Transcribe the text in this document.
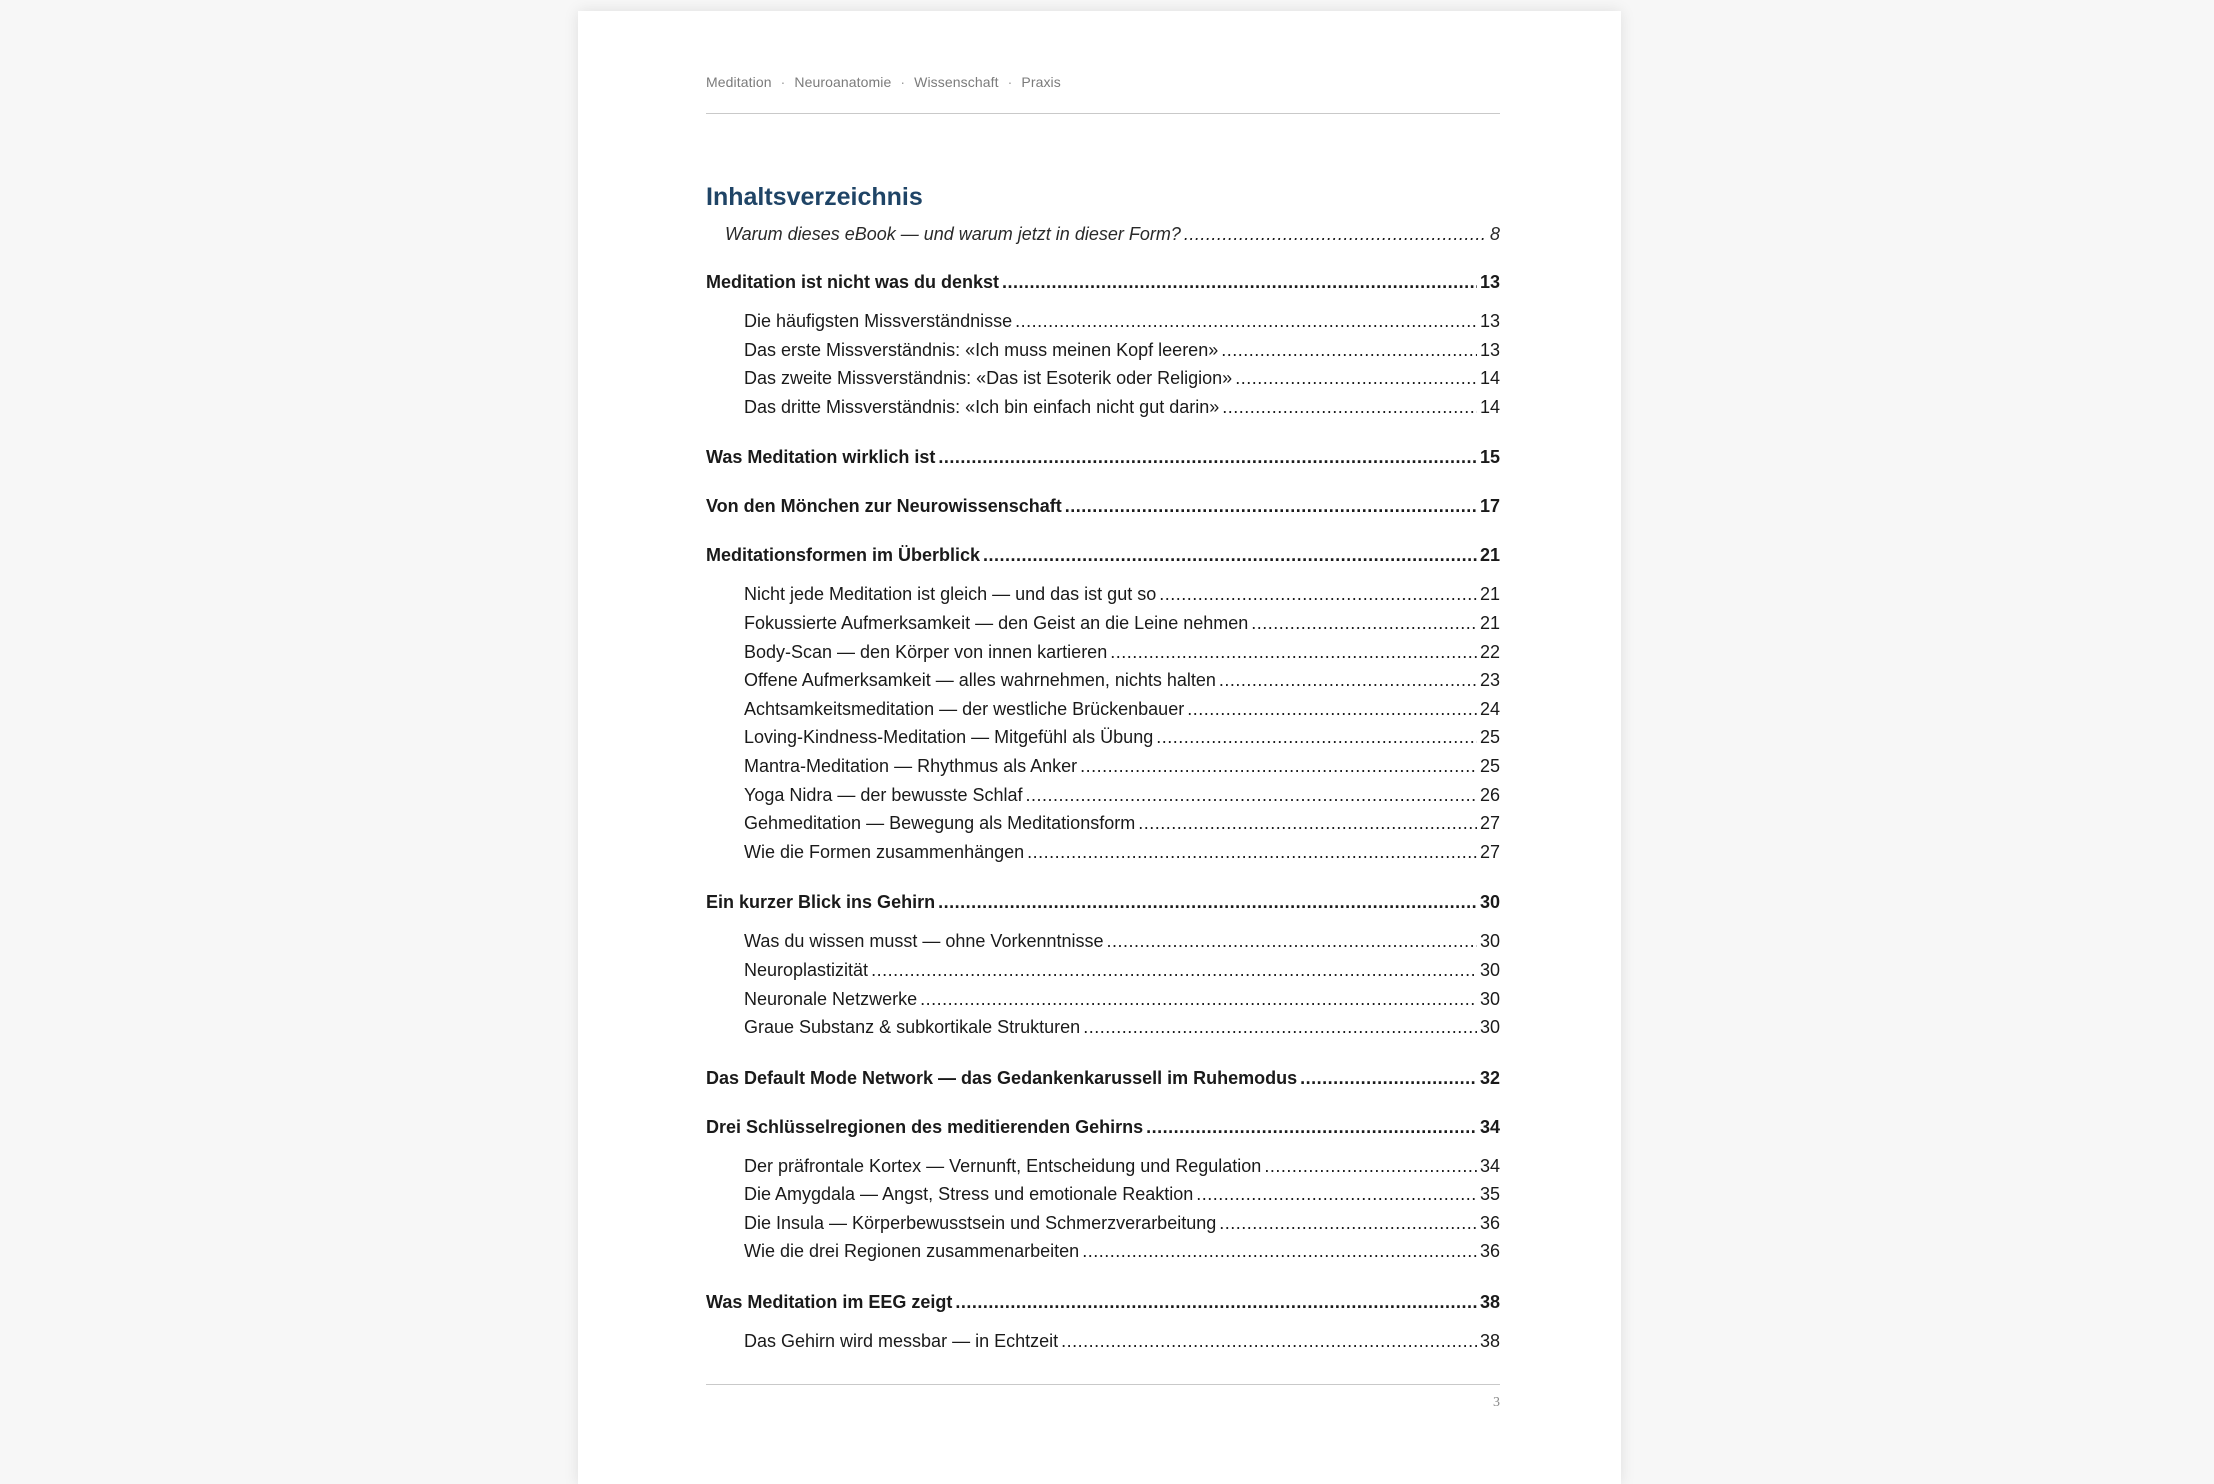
Meditation · Neuroanatomie · Wissenschaft · Praxis
Inhaltsverzeichnis
Warum dieses eBook — und warum jetzt in dieser Form? .....	8
Meditation ist nicht was du denkst .....	13
Die häufigsten Missverständnisse .....	13
Das erste Missverständnis: «Ich muss meinen Kopf leeren» .....	13
Das zweite Missverständnis: «Das ist Esoterik oder Religion» .....	14
Das dritte Missverständnis: «Ich bin einfach nicht gut darin» .....	14
Was Meditation wirklich ist .....	15
Von den Mönchen zur Neurowissenschaft .....	17
Meditationsformen im Überblick .....	21
Nicht jede Meditation ist gleich — und das ist gut so .....	21
Fokussierte Aufmerksamkeit — den Geist an die Leine nehmen .....	21
Body-Scan — den Körper von innen kartieren .....	22
Offene Aufmerksamkeit — alles wahrnehmen, nichts halten .....	23
Achtsamkeitsmeditation — der westliche Brückenbauer .....	24
Loving-Kindness-Meditation — Mitgefühl als Übung .....	25
Mantra-Meditation — Rhythmus als Anker .....	25
Yoga Nidra — der bewusste Schlaf .....	26
Gehmeditation — Bewegung als Meditationsform .....	27
Wie die Formen zusammenhängen .....	27
Ein kurzer Blick ins Gehirn .....	30
Was du wissen musst — ohne Vorkenntnisse .....	30
Neuroplastizität .....	30
Neuronale Netzwerke .....	30
Graue Substanz & subkortikale Strukturen .....	30
Das Default Mode Network — das Gedankenkarussell im Ruhemodus .....	32
Drei Schlüsselregionen des meditierenden Gehirns .....	34
Der präfrontale Kortex — Vernunft, Entscheidung und Regulation .....	34
Die Amygdala — Angst, Stress und emotionale Reaktion .....	35
Die Insula — Körperbewusstsein und Schmerzverarbeitung .....	36
Wie die drei Regionen zusammenarbeiten .....	36
Was Meditation im EEG zeigt .....	38
Das Gehirn wird messbar — in Echtzeit .....	38
3
